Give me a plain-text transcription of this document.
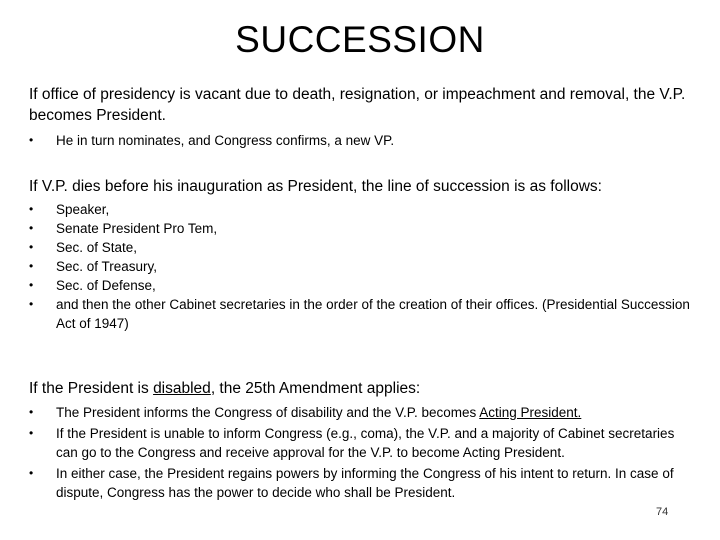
SUCCESSION
If office of presidency is vacant due to death, resignation, or impeachment and removal, the V.P. becomes President.
•	He in turn nominates, and Congress confirms, a new VP.
If V.P. dies before his inauguration as President, the line of succession is as follows:
•	Speaker,
•	Senate President Pro Tem,
•	Sec. of State,
•	Sec. of Treasury,
•	Sec. of Defense,
•	and then the other Cabinet secretaries in the order of the creation of their offices. (Presidential Succession Act of 1947)
If the President is disabled, the 25th Amendment applies:
•	The President informs the Congress of disability and the V.P. becomes Acting President.
•	If the President is unable to inform Congress (e.g., coma), the V.P. and a majority of Cabinet secretaries can go to the Congress and receive approval for the V.P. to become Acting President.
•	In either case, the President regains powers by informing the Congress of his intent to return. In case of dispute, Congress has the power to decide who shall be President.
74
